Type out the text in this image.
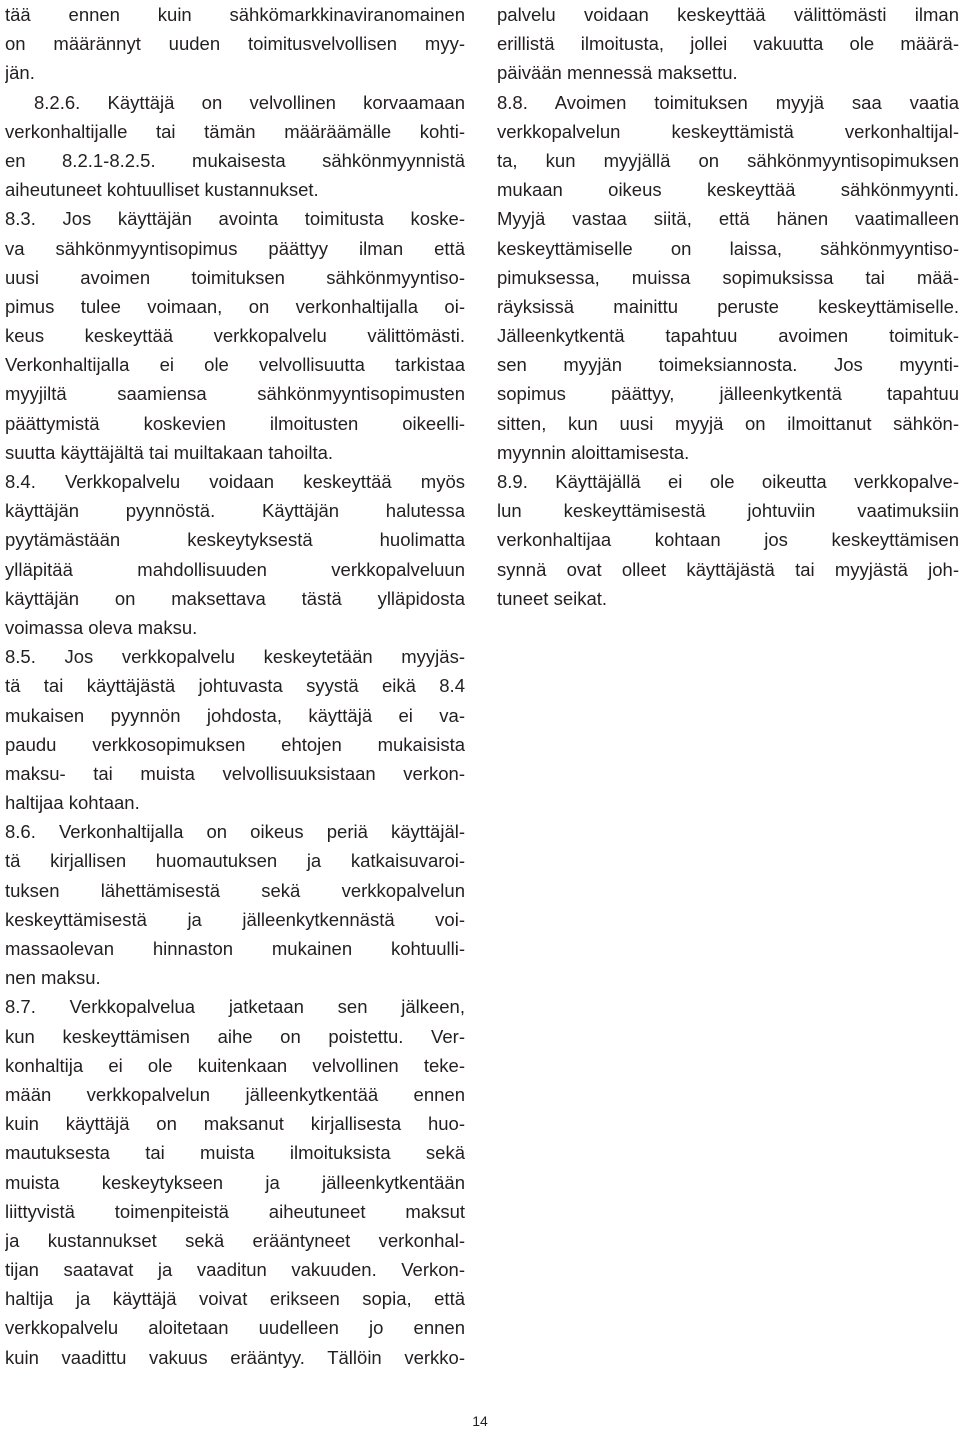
tää ennen kuin sähkömarkkinaviranomainen
on määrännyt uuden toimitusvelvollisen myy-
jän.
8.2.6. Käyttäjä on velvollinen korvaamaan
verkonhaltijalle tai tämän määräämälle kohti-
en 8.2.1-8.2.5. mukaisesta sähkönmyynnistä
aiheutuneet kohtuulliset kustannukset.
8.3. Jos käyttäjän avointa toimitusta koske-
va sähkönmyyntisopimus päättyy ilman että
uusi avoimen toimituksen sähkönmyyntiso-
pimus tulee voimaan, on verkonhaltijalla oi-
keus keskeyttää verkkopalvelu välittömästi.
Verkonhaltijalla ei ole velvollisuutta tarkistaa
myyjiltä saamiensa sähkönmyyntisopimusten
päättymistä koskevien ilmoitusten oikeelli-
suutta käyttäjältä tai muiltakaan tahoilta.
8.4. Verkkopalvelu voidaan keskeyttää myös
käyttäjän pyynnöstä. Käyttäjän halutessa
pyytämästään keskeytyksestä huolimatta
ylläpitää mahdollisuuden verkkopalveluun
käyttäjän on maksettava tästä ylläpidosta
voimassa oleva maksu.
8.5. Jos verkkopalvelu keskeytetään myyjäs-
tä tai käyttäjästä johtuvasta syystä eikä 8.4
mukaisen pyynnön johdosta, käyttäjä ei va-
paudu verkkosopimuksen ehtojen mukaisista
maksu- tai muista velvollisuuksistaan verkon-
haltijaa kohtaan.
8.6. Verkonhaltijalla on oikeus periä käyttäjäl-
tä kirjallisen huomautuksen ja katkaisuvaroi-
tuksen lähettämisestä sekä verkkopalvelun
keskeyttämisestä ja jälleenkytkennästä voi-
massaolevan hinnaston mukainen kohtuulli-
nen maksu.
8.7. Verkkopalvelua jatketaan sen jälkeen,
kun keskeyttämisen aihe on poistettu. Ver-
konhaltija ei ole kuitenkaan velvollinen teke-
mään verkkopalvelun jälleenkytkentää ennen
kuin käyttäjä on maksanut kirjallisesta huo-
mautuksesta tai muista ilmoituksista sekä
muista keskeytykseen ja jälleenkytkentään
liittyvistä toimenpiteistä aiheutuneet maksut
ja kustannukset sekä erääntyneet verkonhal-
tijan saatavat ja vaaditun vakuuden. Verkon-
haltija ja käyttäjä voivat erikseen sopia, että
verkkopalvelu aloitetaan uudelleen jo ennen
kuin vaadittu vakuus erääntyy. Tällöin verkko-
palvelu voidaan keskeyttää välittömästi ilman
erillistä ilmoitusta, jollei vakuutta ole määrä-
päivään mennessä maksettu.
8.8. Avoimen toimituksen myyjä saa vaatia
verkkopalvelun keskeyttämistä verkonhaltijal-
ta, kun myyjällä on sähkönmyyntisopimuksen
mukaan oikeus keskeyttää sähkönmyynti.
Myyjä vastaa siitä, että hänen vaatimalleen
keskeyttämiselle on laissa, sähkönmyyntiso-
pimuksessa, muissa sopimuksissa tai mää-
räyksissä mainittu peruste keskeyttämiselle.
Jälleenkytkentä tapahtuu avoimen toimituk-
sen myyjän toimeksiannosta. Jos myynti-
sopimus päättyy, jälleenkytkentä tapahtuu
sitten, kun uusi myyjä on ilmoittanut sähkön-
myynnin aloittamisesta.
8.9. Käyttäjällä ei ole oikeutta verkkopalve-
lun keskeyttämisestä johtuviin vaatimuksiin
verkonhaltijaa kohtaan jos keskeyttämisen
synnä ovat olleet käyttäjästä tai myyjästä joh-
tuneet seikat.
14
